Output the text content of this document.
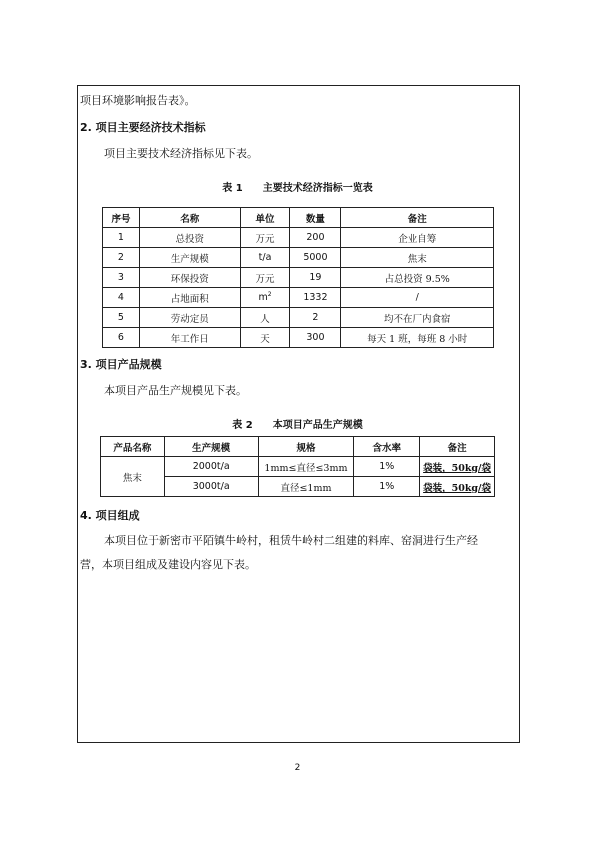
项目环境影响报告表》。
2. 项目主要经济技术指标
项目主要技术经济指标见下表。
表 1　　主要技术经济指标一览表
序号	名称	单位	数量	备注
1	总投资	万元	200	企业自筹
2	生产规模	t/a	5000	焦末
3	环保投资	万元	19	占总投资 9.5%
4	占地面积	$m^2$	1332	/
5	劳动定员	人	2	均不在厂内食宿
6	年工作日	天	300	每天 1 班，每班 8 小时
3. 项目产品规模
本项目产品生产规模见下表。
表 2　　本项目产品生产规模
产品名称	生产规模	规格	含水率	备注
焦末	2000t/a	1mm≤直径≤3mm	1%	袋装，50kg/袋
	3000t/a	直径≤1mm	1%	袋装，50kg/袋
4. 项目组成
本项目位于新密市平陌镇牛岭村，租赁牛岭村二组建的料库、窑洞进行生产经
营，本项目组成及建设内容见下表。
2
